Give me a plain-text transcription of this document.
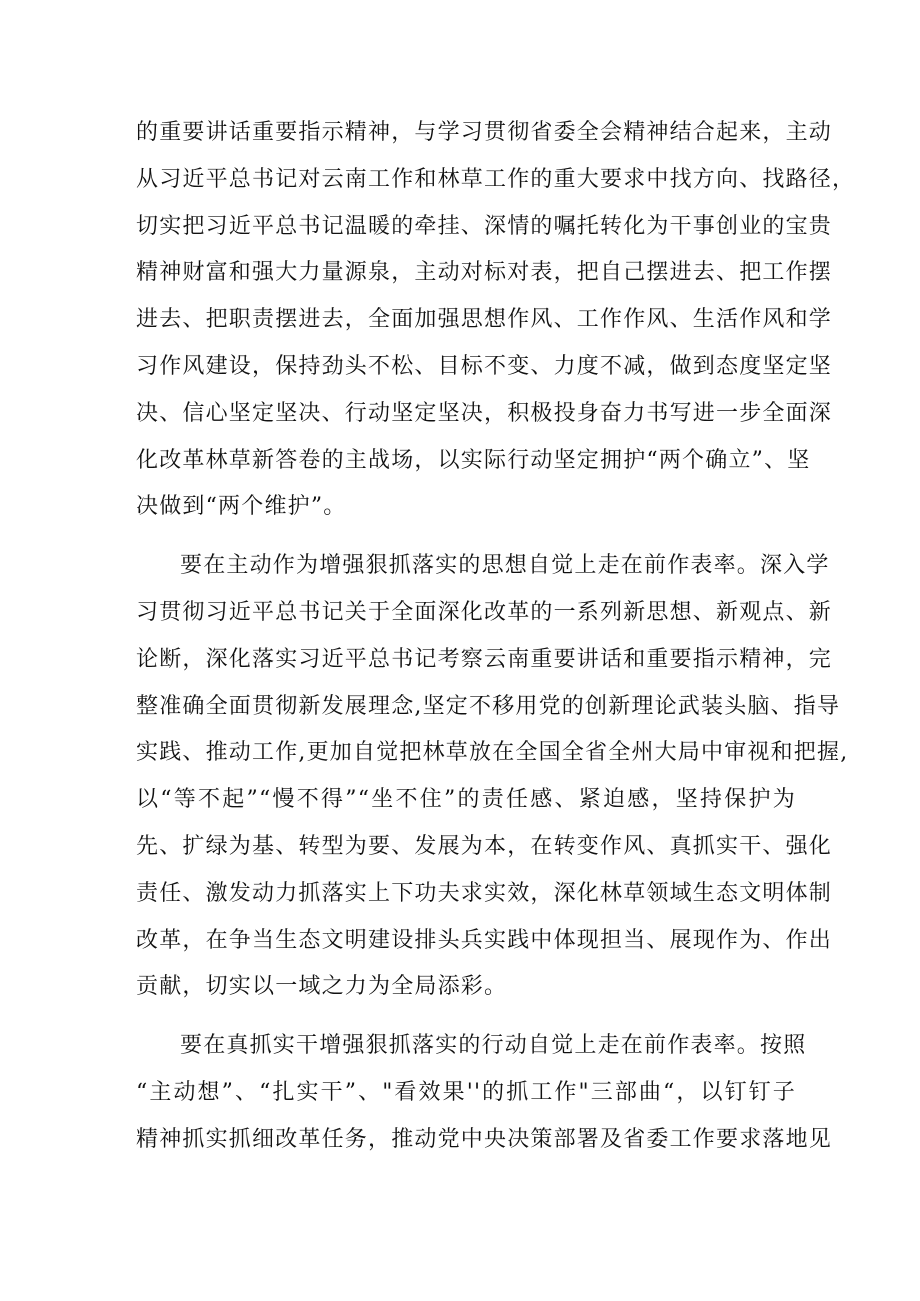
的重要讲话重要指示精神，与学习贯彻省委全会精神结合起来，主动
从习近平总书记对云南工作和林草工作的重大要求中找方向、找路径，
切实把习近平总书记温暖的牵挂、深情的嘱托转化为干事创业的宝贵
精神财富和强大力量源泉，主动对标对表，把自己摆进去、把工作摆
进去、把职责摆进去，全面加强思想作风、工作作风、生活作风和学
习作风建设，保持劲头不松、目标不变、力度不减，做到态度坚定坚
决、信心坚定坚决、行动坚定坚决，积极投身奋力书写进一步全面深
化改革林草新答卷的主战场，以实际行动坚定拥护“两个确立”、坚
决做到“两个维护”。
要在主动作为增强狠抓落实的思想自觉上走在前作表率。深入学
习贯彻习近平总书记关于全面深化改革的一系列新思想、新观点、新
论断，深化落实习近平总书记考察云南重要讲话和重要指示精神，完
整准确全面贯彻新发展理念,坚定不移用党的创新理论武装头脑、指导
实践、推动工作,更加自觉把林草放在全国全省全州大局中审视和把握,
以“等不起”“慢不得”“坐不住”的责任感、紧迫感，坚持保护为
先、扩绿为基、转型为要、发展为本，在转变作风、真抓实干、强化
责任、激发动力抓落实上下功夫求实效，深化林草领域生态文明体制
改革，在争当生态文明建设排头兵实践中体现担当、展现作为、作出
贡献，切实以一域之力为全局添彩。
要在真抓实干增强狠抓落实的行动自觉上走在前作表率。按照
“主动想”、“扎实干”、"看效果''的抓工作"三部曲“，以钉钉子
精神抓实抓细改革任务，推动党中央决策部署及省委工作要求落地见
